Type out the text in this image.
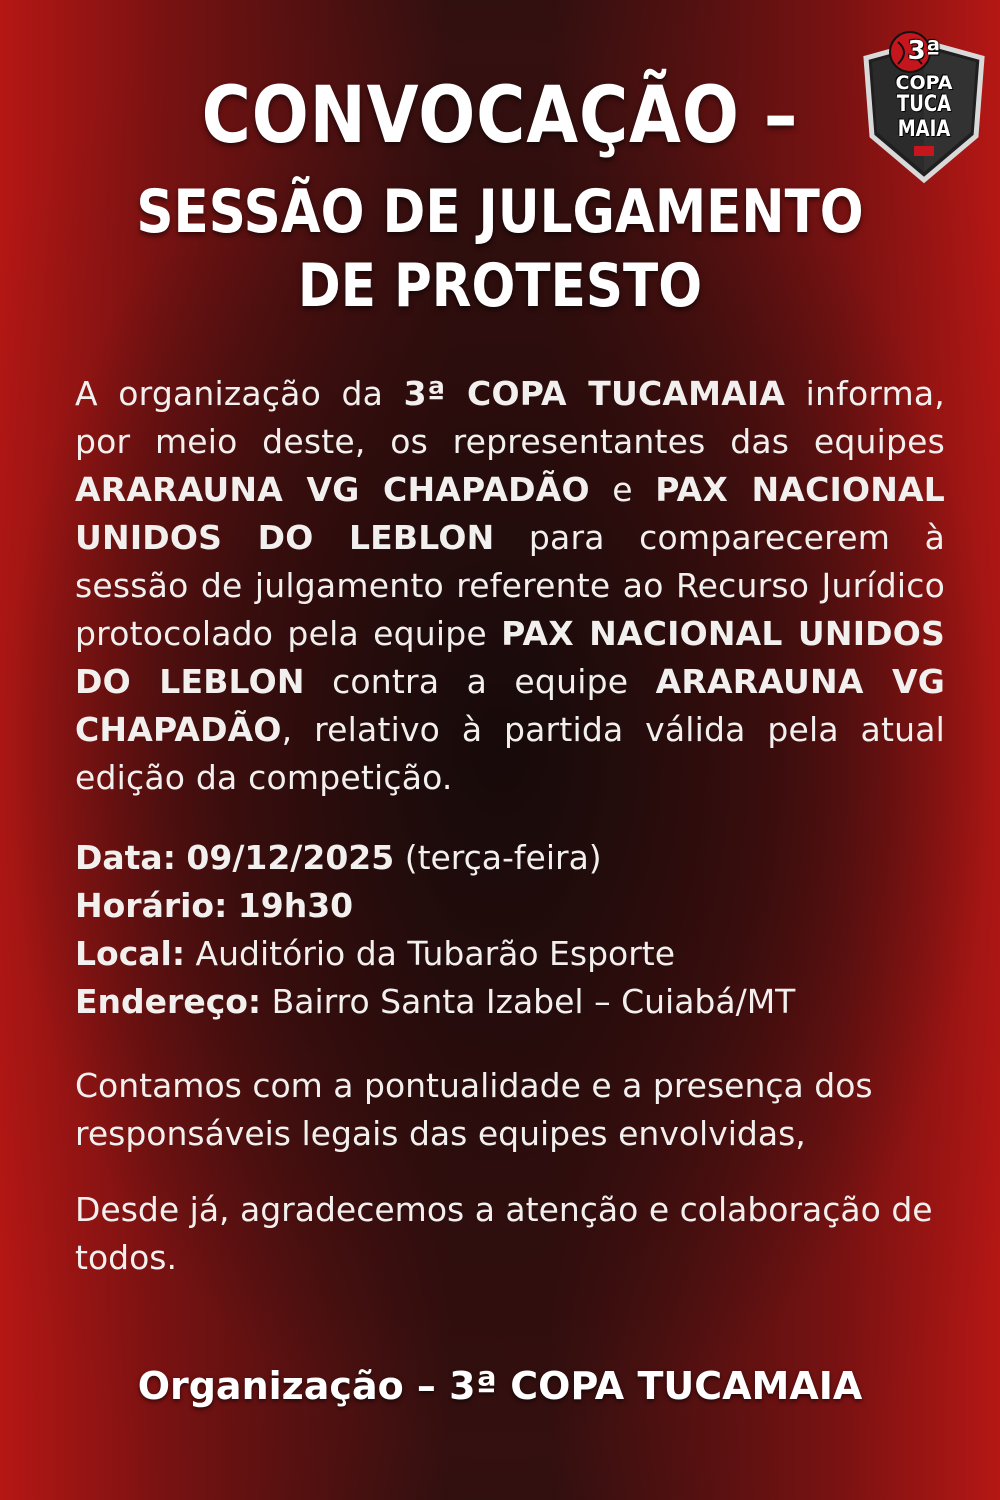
CONVOCAÇÃO –
SESSÃO DE JULGAMENTO
DE PROTESTO
3ª
COPA
TUCA MAIA

A organização da 3ª COPA TUCAMAIA informa, por meio deste, os representantes das equipes ARARAUNA VG CHAPADÃO e PAX NACIONAL UNIDOS DO LEBLON para comparecerem à sessão de julgamento referente ao Recurso Jurídico protocolado pela equipe PAX NACIONAL UNIDOS DO LEBLON contra a equipe ARARAUNA VG CHAPADÃO, relativo à partida válida pela atual edição da competição.

Data: 09/12/2025 (terça-feira)
Horário: 19h30
Local: Auditório da Tubarão Esporte
Endereço: Bairro Santa Izabel – Cuiabá/MT
Contamos com a pontualidade e a presença dos responsáveis legais das equipes envolvidas,
Desde já, agradecemos a atenção e colaboração de todos.
Organização – 3ª COPA TUCAMAIA
